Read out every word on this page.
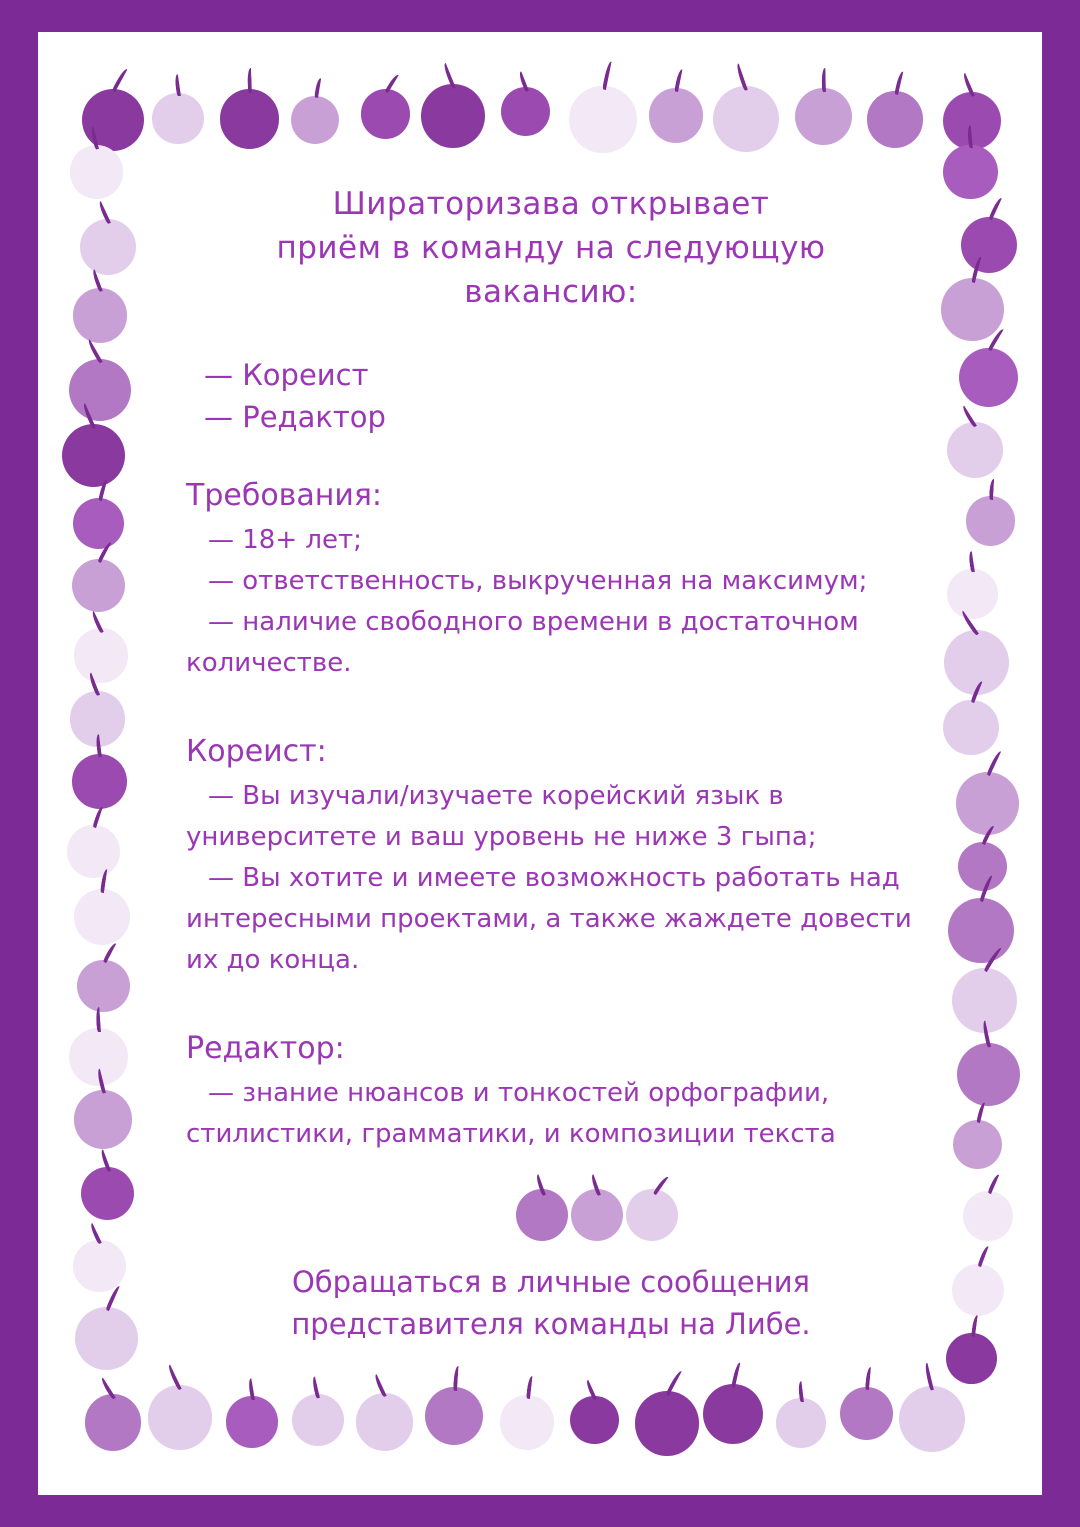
Шираторизава открывает
приём в команду на следующую
вакансию:
— Кореист
— Редактор
Требования:
— 18+ лет;
— ответственность, выкрученная на максимум;
— наличие свободного времени в достаточном количестве.
Кореист:
— Вы изучали/изучаете корейский язык в университете и ваш уровень не ниже 3 гыпа;
— Вы хотите и имеете возможность работать над интересными проектами, а также жаждете довести их до конца.
Редактор:
— знание нюансов и тонкостей орфографии, стилистики, грамматики, и композиции текста
Обращаться в личные сообщения
представителя команды на Либе.
